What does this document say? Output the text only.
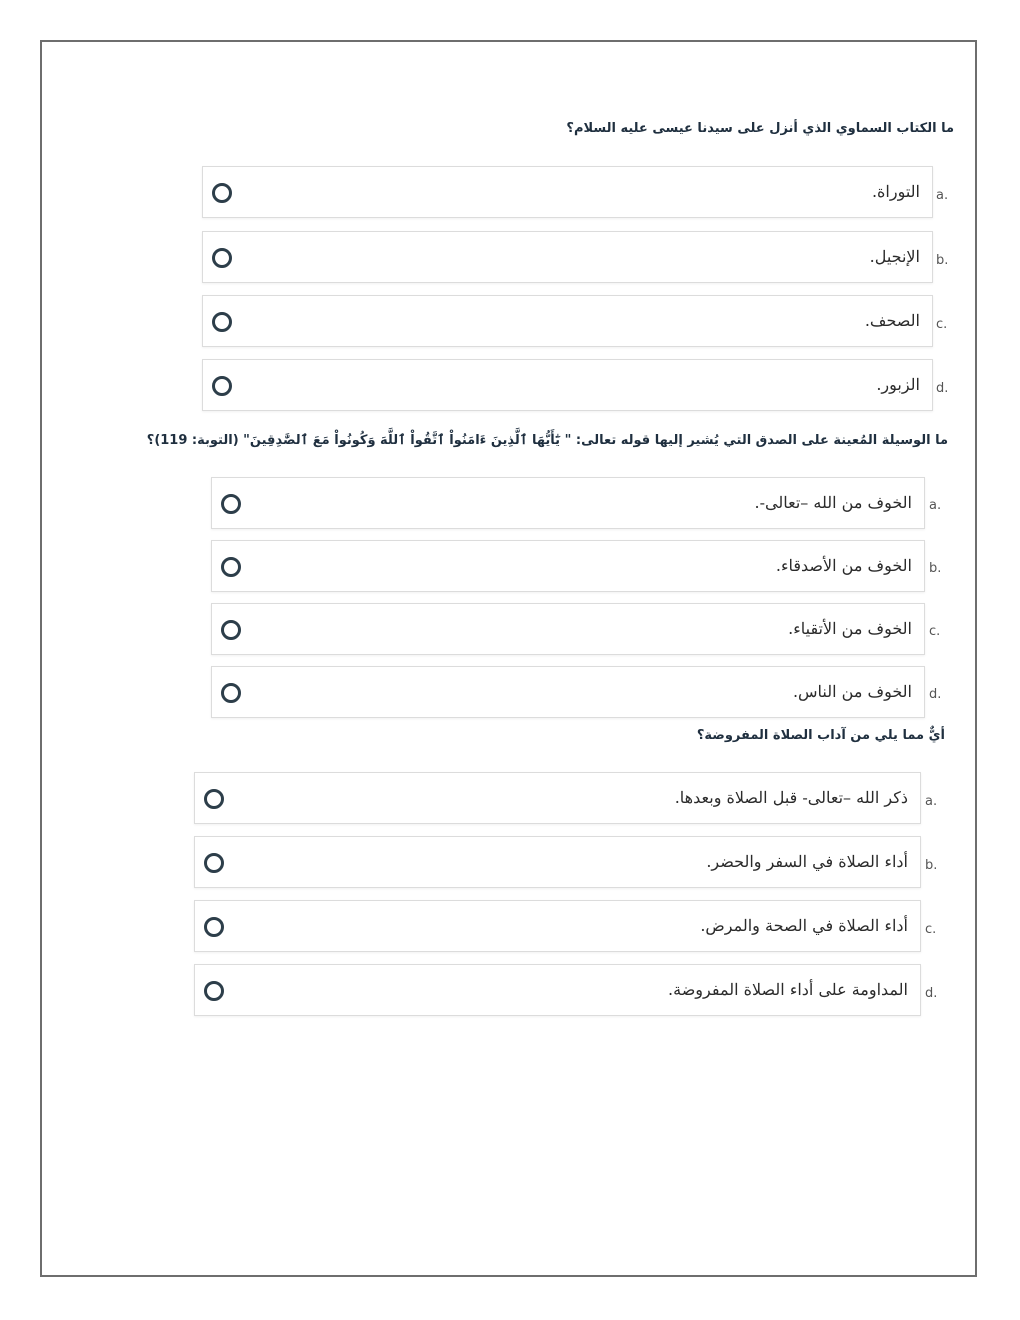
ما الكتاب السماوي الذي أنزل على سيدنا عيسى عليه السلام؟
التوراة. a.
الإنجيل. b.
الصحف. c.
الزبور. d.
ما الوسيلة المُعينة على الصدق التي يُشير إليها قوله تعالى: " يَٰٓأَيُّهَا ٱلَّذِينَ ءَامَنُواْ ٱتَّقُواْ ٱللَّهَ وَكُونُواْ مَعَ ٱلصَّٰدِقِينَ" (التوبة: 119)؟
الخوف من الله –تعالى-. a.
الخوف من الأصدقاء. b.
الخوف من الأتقياء. c.
الخوف من الناس. d.
أيٌّ مما يلي من آداب الصلاة المفروضة؟
ذكر الله –تعالى- قبل الصلاة وبعدها. a.
أداء الصلاة في السفر والحضر. b.
أداء الصلاة في الصحة والمرض. c.
المداومة على أداء الصلاة المفروضة. d.
